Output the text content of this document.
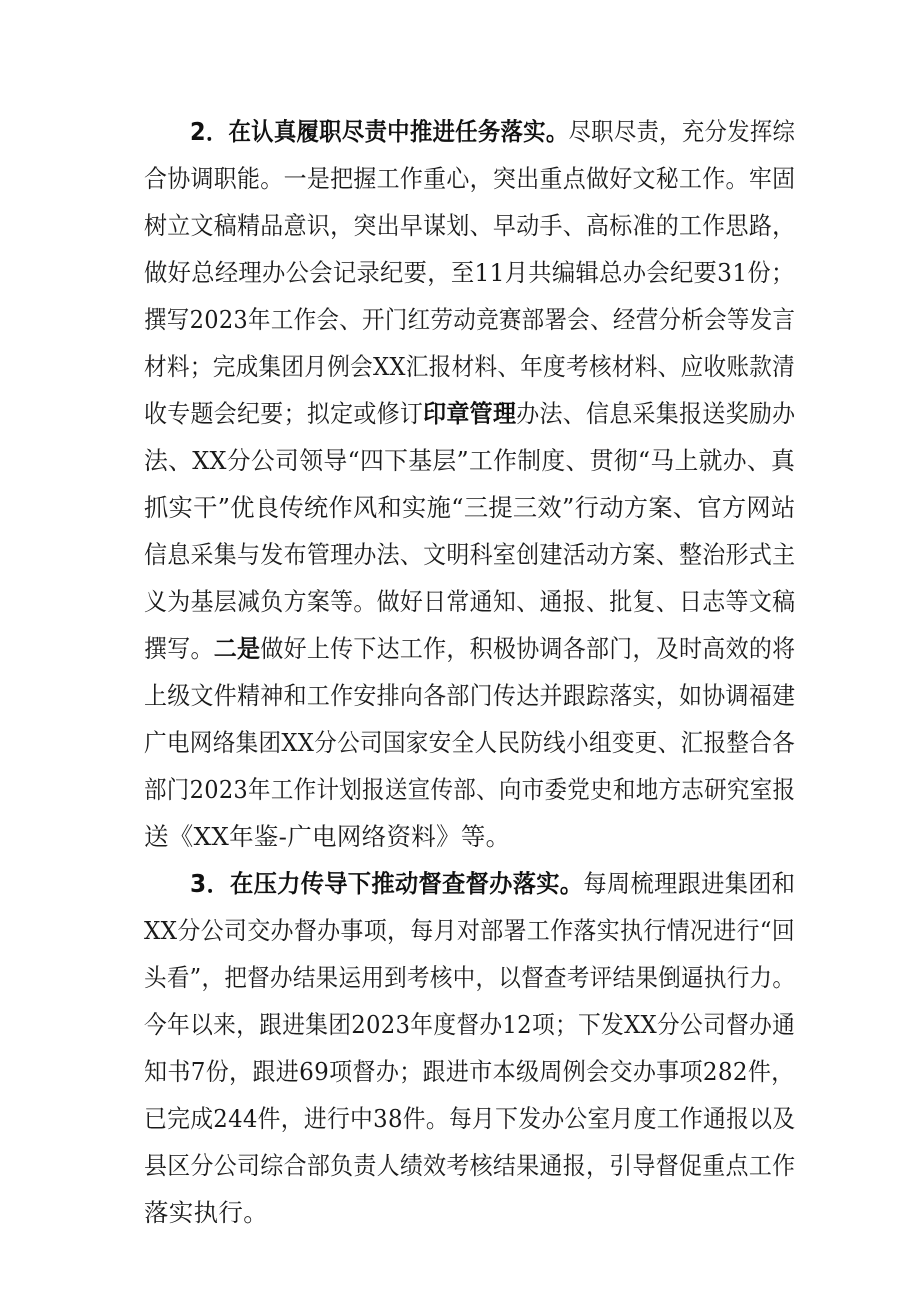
2．在认真履职尽责中推进任务落实。尽职尽责，充分发挥综

合协调职能。一是把握工作重心，突出重点做好文秘工作。牢固

树立文稿精品意识，突出早谋划、早动手、高标准的工作思路，

做好总经理办公会记录纪要，至11月共编辑总办会纪要31份；

撰写2023年工作会、开门红劳动竞赛部署会、经营分析会等发言

材料；完成集团月例会XX汇报材料、年度考核材料、应收账款清

收专题会纪要；拟定或修订印章管理办法、信息采集报送奖励办

法、XX分公司领导“四下基层”工作制度、贯彻“马上就办、真

抓实干”优良传统作风和实施“三提三效”行动方案、官方网站

信息采集与发布管理办法、文明科室创建活动方案、整治形式主

义为基层减负方案等。做好日常通知、通报、批复、日志等文稿

撰写。二是做好上传下达工作，积极协调各部门，及时高效的将

上级文件精神和工作安排向各部门传达并跟踪落实，如协调福建

广电网络集团XX分公司国家安全人民防线小组变更、汇报整合各

部门2023年工作计划报送宣传部、向市委党史和地方志研究室报

送《XX年鉴-广电网络资料》等。

3．在压力传导下推动督查督办落实。每周梳理跟进集团和

XX分公司交办督办事项，每月对部署工作落实执行情况进行“回

头看”，把督办结果运用到考核中，以督查考评结果倒逼执行力。

今年以来，跟进集团2023年度督办12项；下发XX分公司督办通

知书7份，跟进69项督办；跟进市本级周例会交办事项282件，

已完成244件，进行中38件。每月下发办公室月度工作通报以及

县区分公司综合部负责人绩效考核结果通报，引导督促重点工作

落实执行。
